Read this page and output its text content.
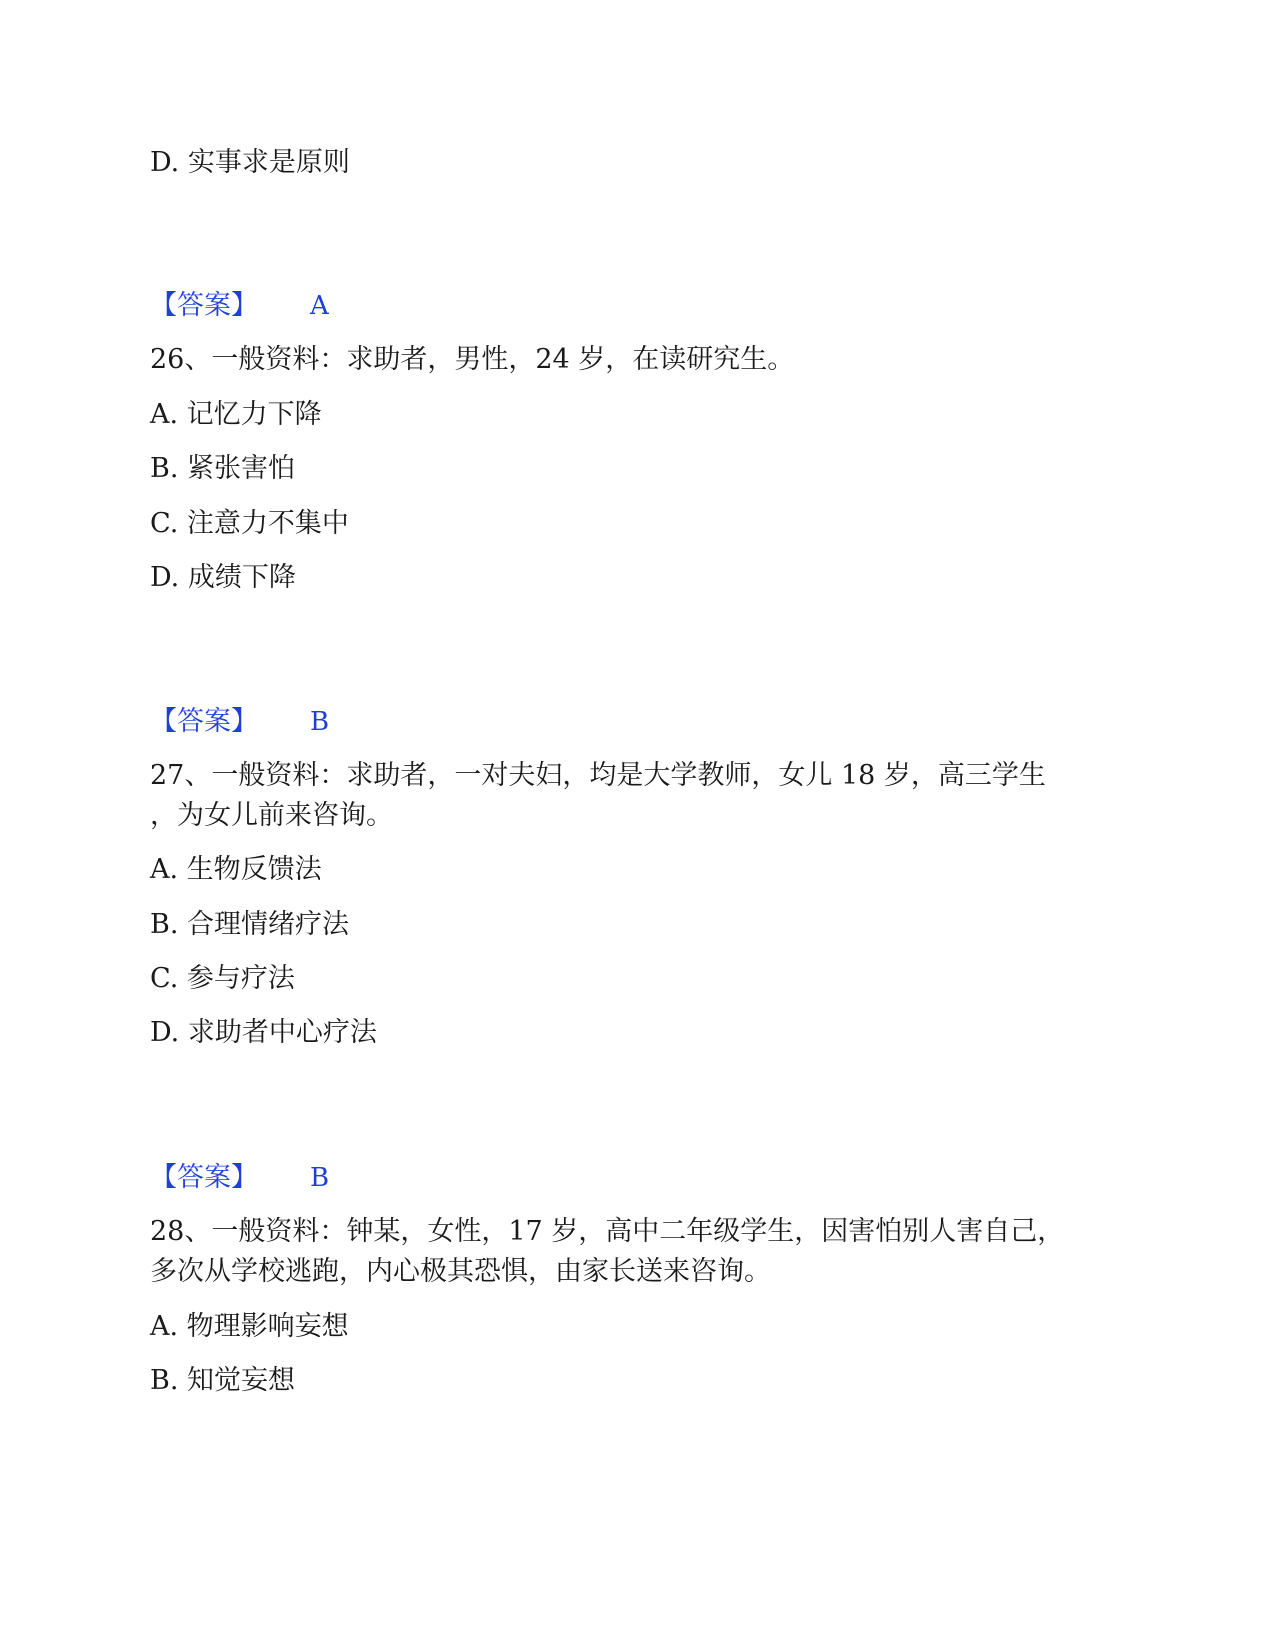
D. 实事求是原则
【答案】 A
26、一般资料：求助者，男性，24 岁，在读研究生。
A. 记忆力下降
B. 紧张害怕
C. 注意力不集中
D. 成绩下降
【答案】 B
27、一般资料：求助者，一对夫妇，均是大学教师，女儿 18 岁，高三学生
，为女儿前来咨询。
A. 生物反馈法
B. 合理情绪疗法
C. 参与疗法
D. 求助者中心疗法
【答案】 B
28、一般资料：钟某，女性，17 岁，高中二年级学生，因害怕别人害自己，
多次从学校逃跑，内心极其恐惧，由家长送来咨询。
A. 物理影响妄想
B. 知觉妄想
